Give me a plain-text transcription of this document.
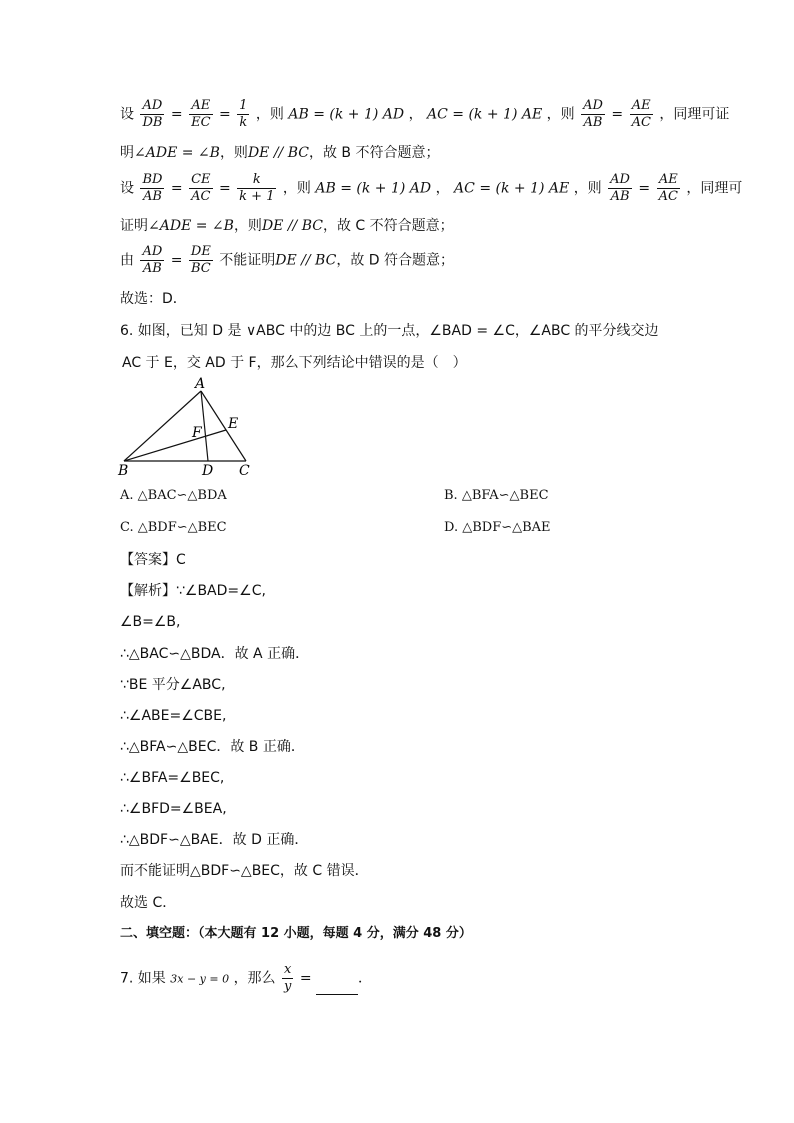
设 $\frac{AD}{DB} = \frac{AE}{EC} = \frac{1}{k}$ ，则 AB = (k + 1) AD ， AC = (k + 1) AE ，则 $\frac{AD}{AB} = \frac{AE}{AC}$ ，同理可证
明∠ADE = ∠B，则DE // BC，故 B 不符合题意；
设 $\frac{BD}{AB} = \frac{CE}{AC} = \frac{k}{k + 1}$ ，则 AB = (k + 1) AD ， AC = (k + 1) AE ，则 $\frac{AD}{AB} = \frac{AE}{AC}$ ，同理可
证明∠ADE = ∠B，则DE // BC，故 C 不符合题意；
由 $\frac{AD}{AB} = \frac{DE}{BC}$ 不能证明DE // BC，故 D 符合题意；
故选：D．
6. 如图，已知 D 是 ∨ABC 中的边 BC 上的一点，∠BAD = ∠C，∠ABC 的平分线交边
AC 于 E，交 AD 于 F，那么下列结论中错误的是（　）
A
B	C
D
E
F
A. △BAC∽△BDA	B. △BFA∽△BEC
C. △BDF∽△BEC	D. △BDF∽△BAE
【答案】C
【解析】∵∠BAD=∠C,
∠B=∠B,
∴△BAC∽△BDA．故 A 正确．
∵BE 平分∠ABC,
∴∠ABE=∠CBE,
∴△BFA∽△BEC．故 B 正确．
∴∠BFA=∠BEC,
∴∠BFD=∠BEA,
∴△BDF∽△BAE．故 D 正确．
而不能证明△BDF∽△BEC，故 C 错误．
故选 C．
二、填空题：（本大题有 12 小题，每题 4 分，满分 48 分）
7. 如果 3x − y = 0 ，那么 $\frac{x}{y}$ =	．
